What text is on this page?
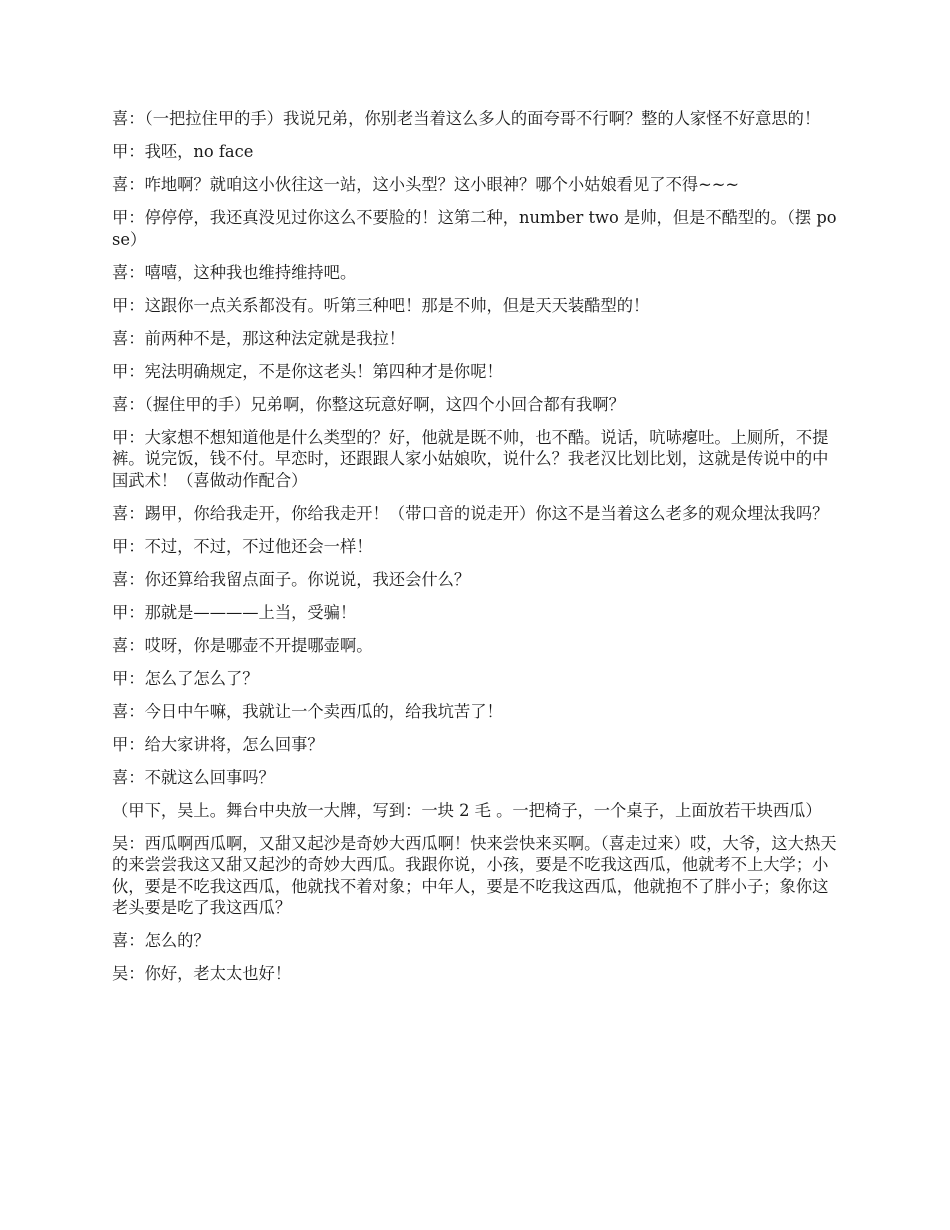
喜：（一把拉住甲的手）我说兄弟，你别老当着这么多人的面夸哥不行啊？整的人家怪不好意思的！

甲：我呸，no face

喜：咋地啊？就咱这小伙往这一站，这小头型？这小眼神？哪个小姑娘看见了不得~~~

甲：停停停，我还真没见过你这么不要脸的！这第二种，number two 是帅，但是不酷型的。（摆 pose）

喜：嘻嘻，这种我也维持维持吧。

甲：这跟你一点关系都没有。听第三种吧！那是不帅，但是天天装酷型的！

喜：前两种不是，那这种法定就是我拉！

甲：宪法明确规定，不是你这老头！第四种才是你呢！

喜：（握住甲的手）兄弟啊，你整这玩意好啊，这四个小回合都有我啊？

甲：大家想不想知道他是什么类型的？好，他就是既不帅，也不酷。说话，吭哧瘪吐。上厕所，不提裤。说完饭，钱不付。早恋时，还跟跟人家小姑娘吹，说什么？我老汉比划比划，这就是传说中的中国武术！（喜做动作配合）

喜：踢甲，你给我走开，你给我走开！（带口音的说走开）你这不是当着这么老多的观众埋汰我吗？

甲：不过，不过，不过他还会一样！

喜：你还算给我留点面子。你说说，我还会什么？

甲：那就是————上当，受骗！

喜：哎呀，你是哪壶不开提哪壶啊。

甲：怎么了怎么了？

喜：今日中午嘛，我就让一个卖西瓜的，给我坑苦了！

甲：给大家讲将，怎么回事？

喜：不就这么回事吗？

（甲下，吴上。舞台中央放一大牌，写到：一块 2 毛 。一把椅子，一个桌子，上面放若干块西瓜）

吴：西瓜啊西瓜啊，又甜又起沙是奇妙大西瓜啊！快来尝快来买啊。（喜走过来）哎，大爷，这大热天的来尝尝我这又甜又起沙的奇妙大西瓜。我跟你说，小孩，要是不吃我这西瓜，他就考不上大学；小伙，要是不吃我这西瓜，他就找不着对象；中年人，要是不吃我这西瓜，他就抱不了胖小子；象你这老头要是吃了我这西瓜？

喜：怎么的？

吴：你好，老太太也好！
